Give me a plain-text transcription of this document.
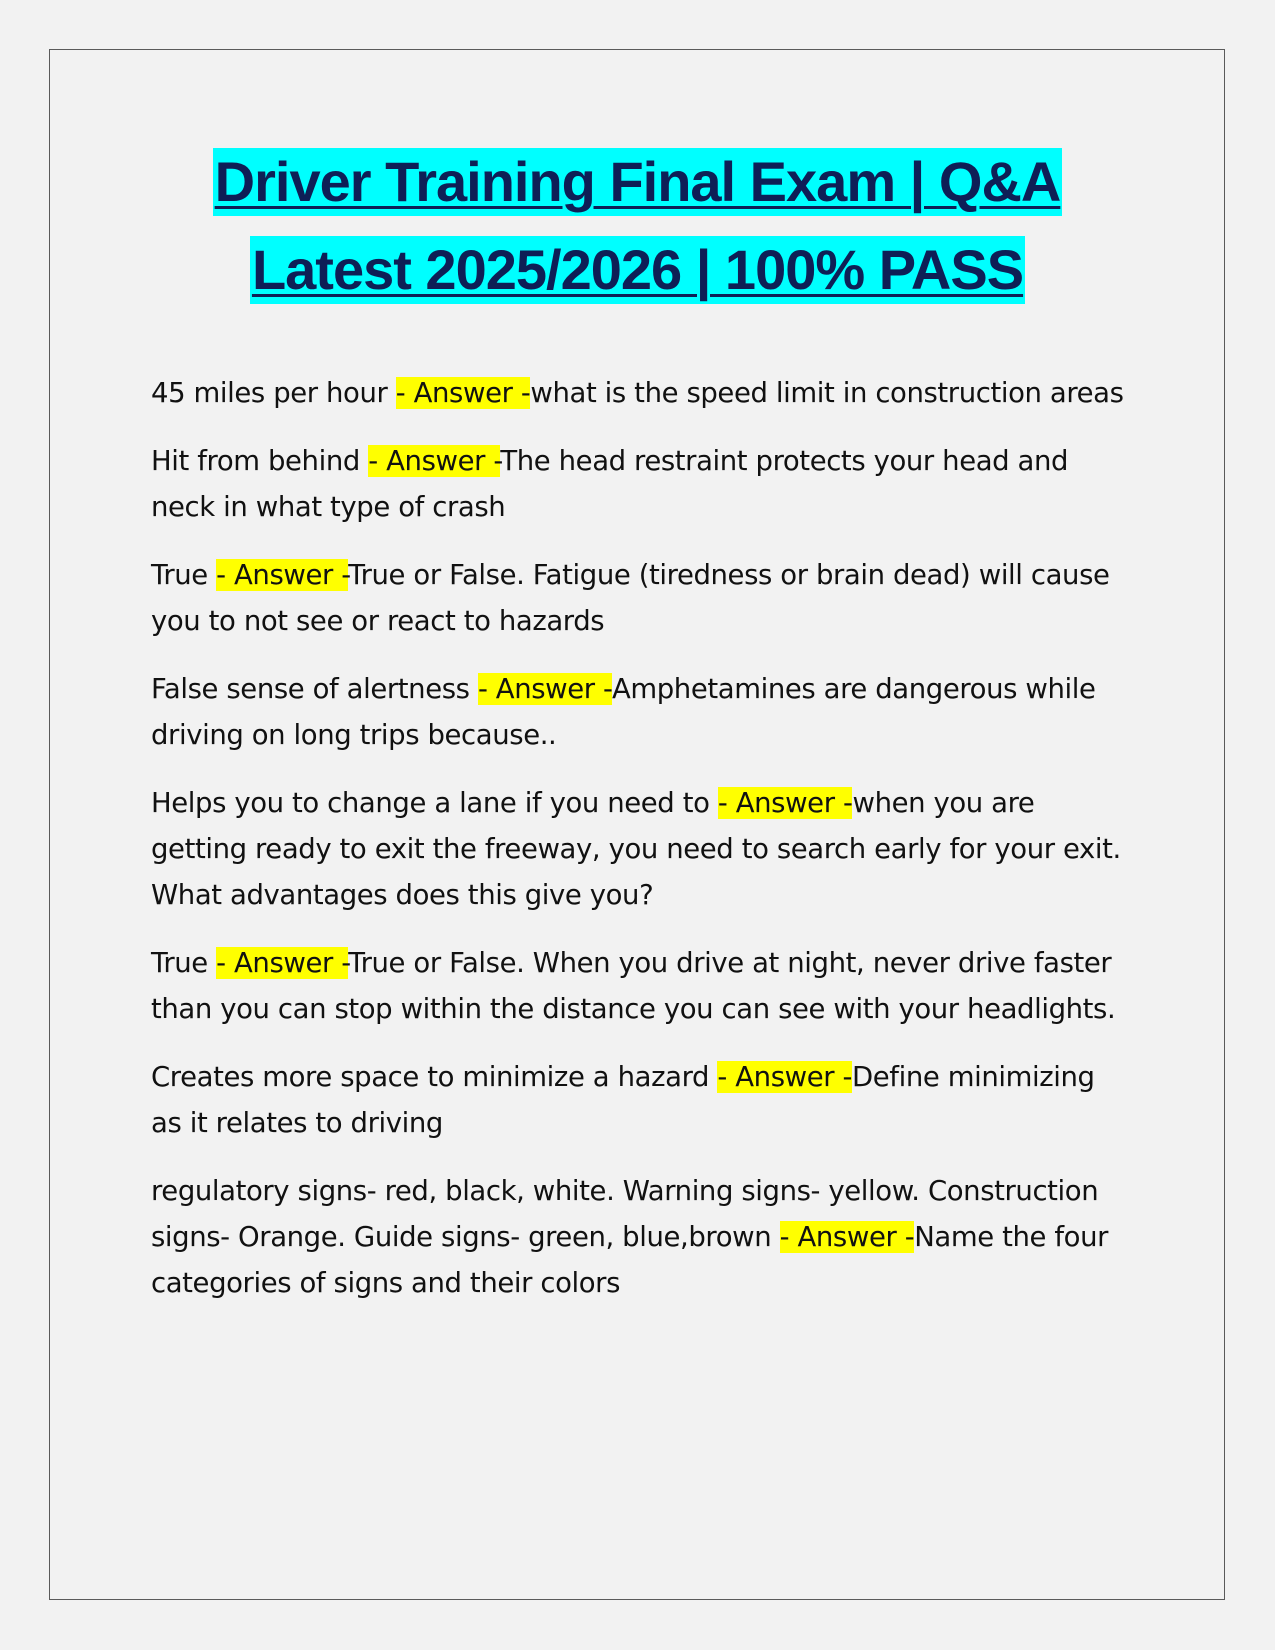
Driver Training Final Exam | Q&A
Latest 2025/2026 | 100% PASS

45 miles per hour - Answer -what is the speed limit in construction areas

Hit from behind - Answer -The head restraint protects your head and neck in what type of crash

True - Answer -True or False. Fatigue (tiredness or brain dead) will cause you to not see or react to hazards

False sense of alertness - Answer -Amphetamines are dangerous while driving on long trips because..

Helps you to change a lane if you need to - Answer -when you are getting ready to exit the freeway, you need to search early for your exit. What advantages does this give you?

True - Answer -True or False. When you drive at night, never drive faster than you can stop within the distance you can see with your headlights.

Creates more space to minimize a hazard - Answer -Define minimizing as it relates to driving

regulatory signs- red, black, white. Warning signs- yellow. Construction signs- Orange. Guide signs- green, blue,brown - Answer -Name the four categories of signs and their colors
